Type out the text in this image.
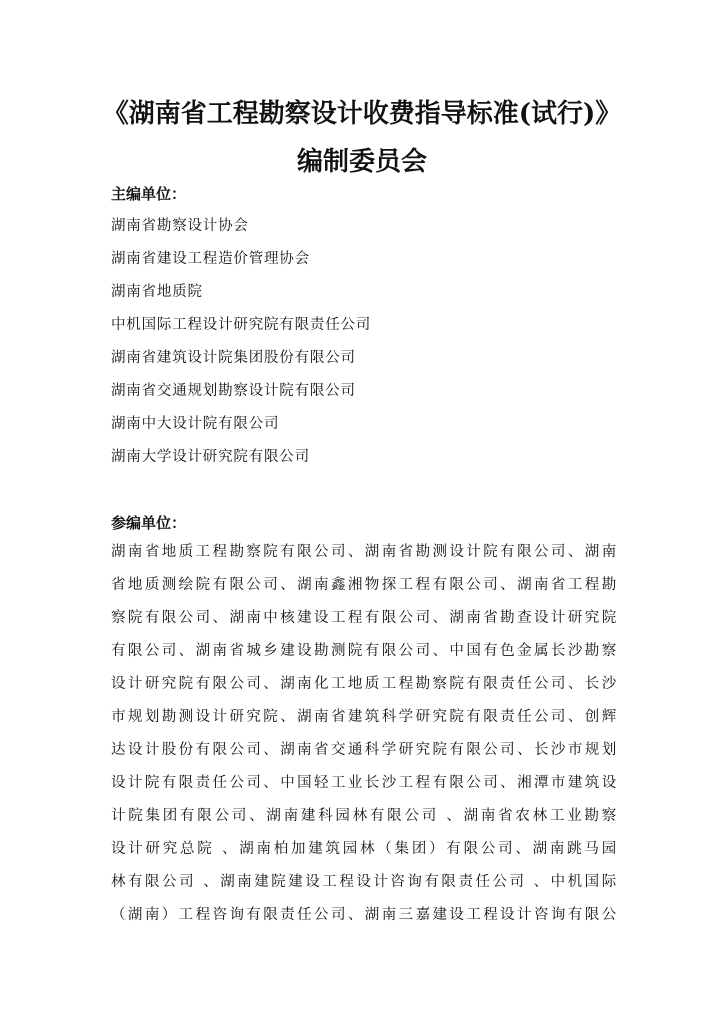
《湖南省工程勘察设计收费指导标准(试行)》
编制委员会
主编单位：
湖南省勘察设计协会
湖南省建设工程造价管理协会
湖南省地质院
中机国际工程设计研究院有限责任公司
湖南省建筑设计院集团股份有限公司
湖南省交通规划勘察设计院有限公司
湖南中大设计院有限公司
湖南大学设计研究院有限公司
参编单位：
湖南省地质工程勘察院有限公司、湖南省勘测设计院有限公司、湖南
省地质测绘院有限公司、湖南鑫湘物探工程有限公司、湖南省工程勘
察院有限公司、湖南中核建设工程有限公司、湖南省勘查设计研究院
有限公司、湖南省城乡建设勘测院有限公司、中国有色金属长沙勘察
设计研究院有限公司、湖南化工地质工程勘察院有限责任公司、长沙
市规划勘测设计研究院、湖南省建筑科学研究院有限责任公司、创辉
达设计股份有限公司、湖南省交通科学研究院有限公司、长沙市规划
设计院有限责任公司、中国轻工业长沙工程有限公司、湘潭市建筑设
计院集团有限公司、湖南建科园林有限公司 、湖南省农林工业勘察
设计研究总院 、湖南柏加建筑园林（集团）有限公司、湖南跳马园
林有限公司 、湖南建院建设工程设计咨询有限责任公司 、中机国际
（湖南）工程咨询有限责任公司、湖南三嘉建设工程设计咨询有限公
